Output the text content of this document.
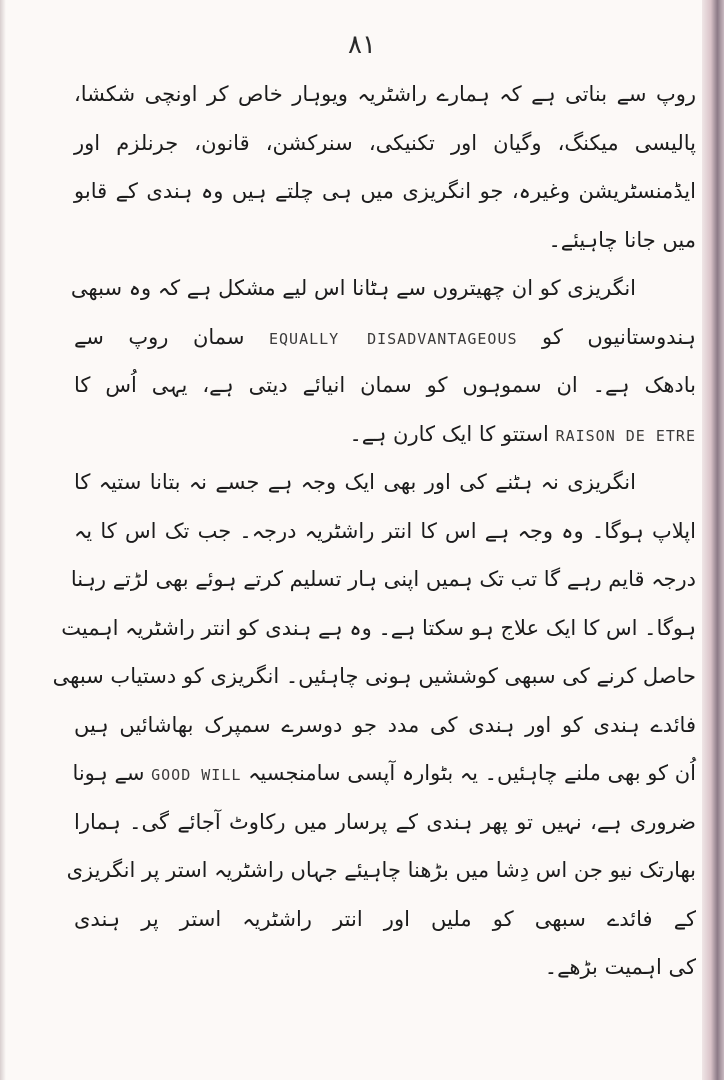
۸۱
روپ سے بناتی ہے کہ ہمارے راشٹریہ ویوہار خاص کر اونچی شکشا،
پالیسی میکنگ، وگیان اور تکنیکی، سنرکشن، قانون، جرنلزم اور
ایڈمنسٹریشن وغیرہ، جو انگریزی میں ہی چلتے ہیں وہ ہندی کے قابو
میں جانا چاہیئے۔
انگریزی کو ان چھیتروں سے ہٹانا اس لیے مشکل ہے کہ وہ سبھی
ہندوستانیوں کو EQUALLY DISADVANTAGEOUS سمان روپ سے
بادھک ہے۔ ان سموہوں کو سمان انیائے دیتی ہے، یہی اُس کا
RAISON DE ETRE استتو کا ایک کارن ہے۔
انگریزی نہ ہٹنے کی اور بھی ایک وجہ ہے جسے نہ بتانا ستیہ کا
اپلاپ ہوگا۔ وہ وجہ ہے اس کا انتر راشٹریہ درجہ۔ جب تک اس کا یہ
درجہ قایم رہے گا تب تک ہمیں اپنی ہار تسلیم کرتے ہوئے بھی لڑتے رہنا
ہوگا۔ اس کا ایک علاج ہو سکتا ہے۔ وہ ہے ہندی کو انتر راشٹریہ اہمیت
حاصل کرنے کی سبھی کوششیں ہونی چاہئیں۔ انگریزی کو دستیاب سبھی
فائدے ہندی کو اور ہندی کی مدد جو دوسرے سمپرک بھاشائیں ہیں
اُن کو بھی ملنے چاہئیں۔ یہ بٹوارہ آپسی سامنجسیہ GOOD WILL سے ہونا
ضروری ہے، نہیں تو پھر ہندی کے پرسار میں رکاوٹ آجائے گی۔ ہمارا
بھارتک نیو جن اس دِشا میں بڑھنا چاہیئے جہاں راشٹریہ استر پر انگریزی
کے فائدے سبھی کو ملیں اور انتر راشٹریہ استر پر ہندی
کی اہمیت بڑھے۔
